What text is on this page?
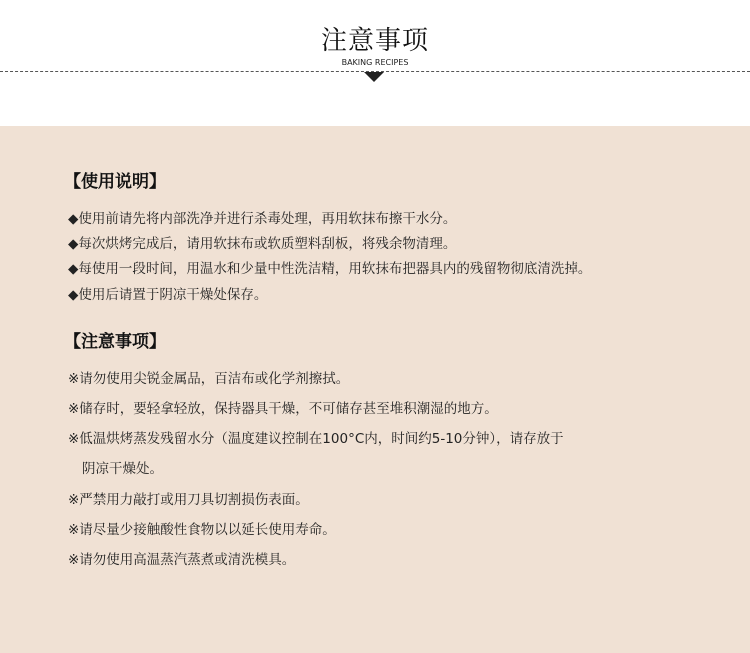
注意事项
BAKING RECIPES
【使用说明】
◆使用前请先将内部洗净并进行杀毒处理，再用软抹布擦干水分。
◆每次烘烤完成后，请用软抹布或软质塑料刮板，将残余物清理。
◆每使用一段时间，用温水和少量中性洗洁精，用软抹布把器具内的残留物彻底清洗掉。
◆使用后请置于阴凉干燥处保存。
【注意事项】
※请勿使用尖锐金属品，百洁布或化学剂擦拭。
※储存时，要轻拿轻放，保持器具干燥，不可储存甚至堆积潮湿的地方。
※低温烘烤蒸发残留水分（温度建议控制在100°C内，时间约5-10分钟），请存放于
阴凉干燥处。
※严禁用力敲打或用刀具切割损伤表面。
※请尽量少接触酸性食物以以延长使用寿命。
※请勿使用高温蒸汽蒸煮或清洗模具。
